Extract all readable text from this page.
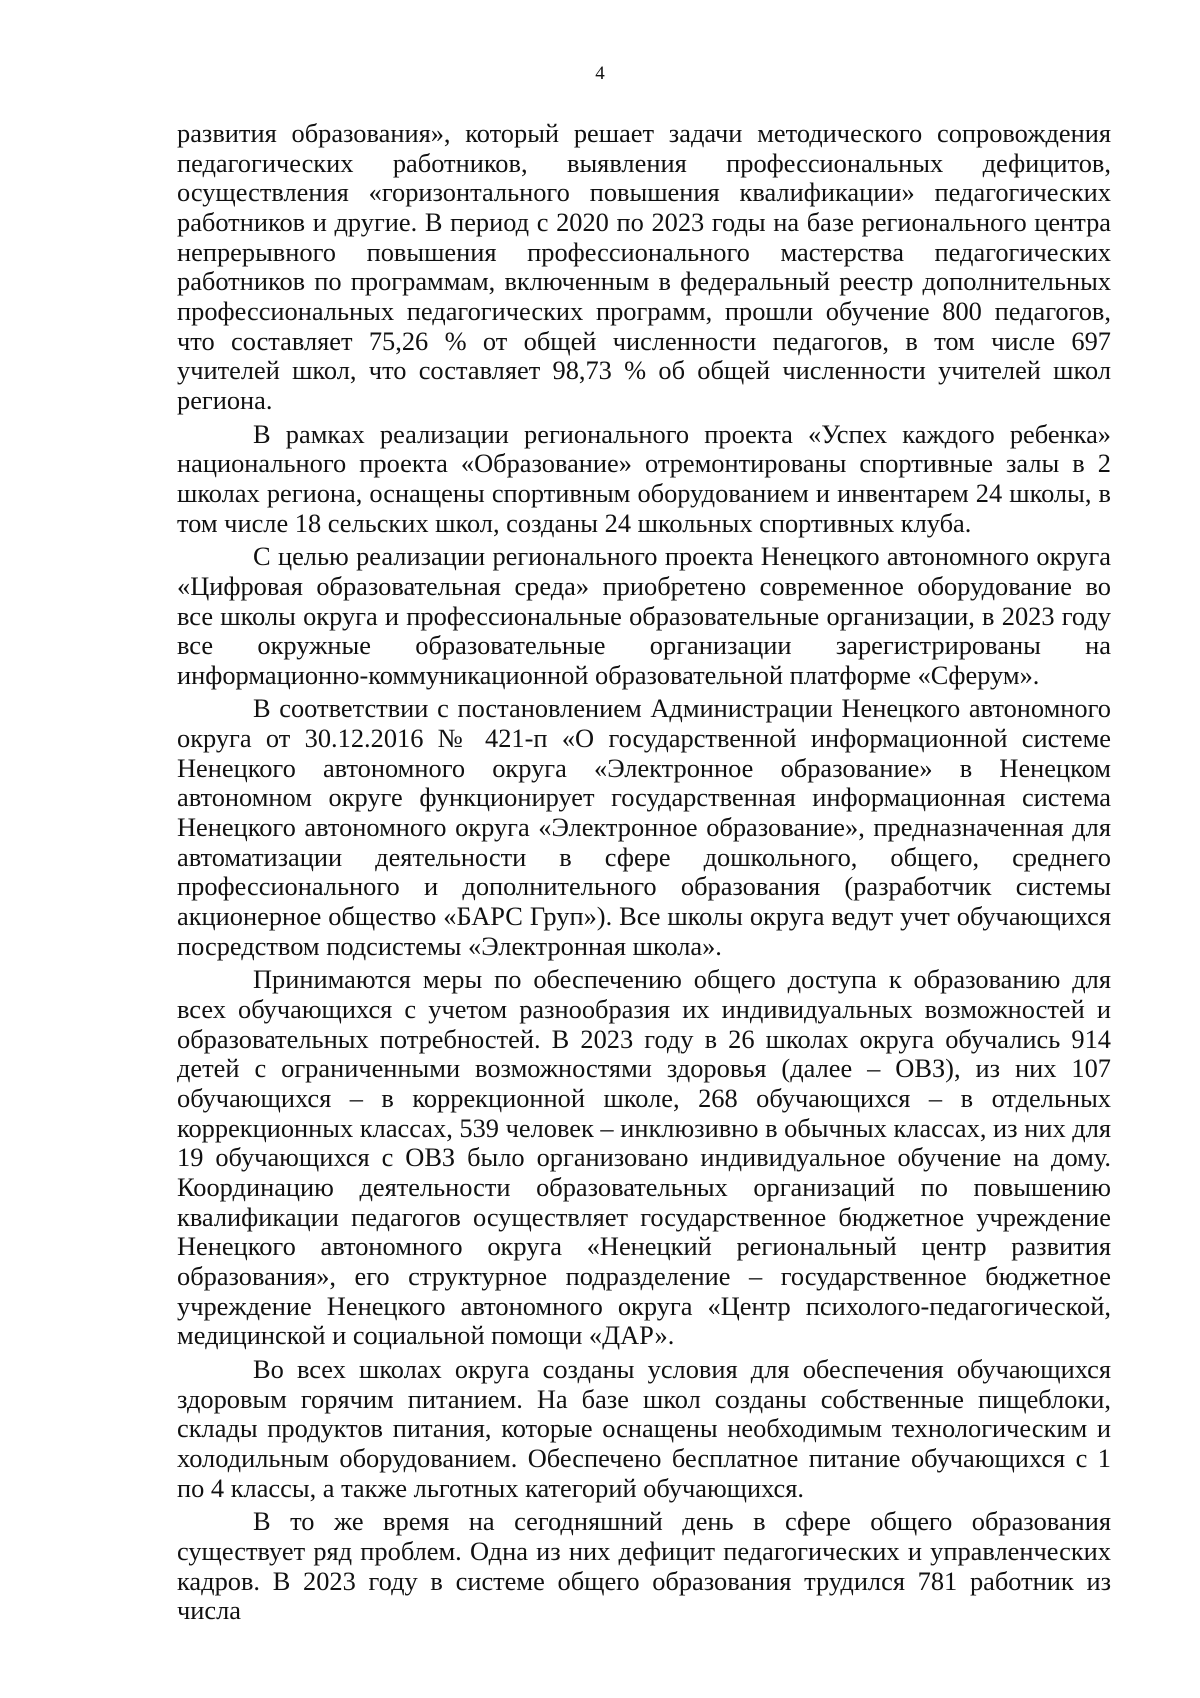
4

развития образования», который решает задачи методического сопровождения педагогических работников, выявления профессиональных дефицитов, осуществления «горизонтального повышения квалификации» педагогических работников и другие. В период с 2020 по 2023 годы на базе регионального центра непрерывного повышения профессионального мастерства педагогических работников по программам, включенным в федеральный реестр дополнительных профессиональных педагогических программ, прошли обучение 800 педагогов, что составляет 75,26 % от общей численности педагогов, в том числе 697 учителей школ, что составляет 98,73 % об общей численности учителей школ региона.

В рамках реализации регионального проекта «Успех каждого ребенка» национального проекта «Образование» отремонтированы спортивные залы в 2 школах региона, оснащены спортивным оборудованием и инвентарем 24 школы, в том числе 18 сельских школ, созданы 24 школьных спортивных клуба.

С целью реализации регионального проекта Ненецкого автономного округа «Цифровая образовательная среда» приобретено современное оборудование во все школы округа и профессиональные образовательные организации, в 2023 году все окружные образовательные организации зарегистрированы на информационно-коммуникационной образовательной платформе «Сферум».

В соответствии с постановлением Администрации Ненецкого автономного округа от 30.12.2016 № 421-п «О государственной информационной системе Ненецкого автономного округа «Электронное образование» в Ненецком автономном округе функционирует государственная информационная система Ненецкого автономного округа «Электронное образование», предназначенная для автоматизации деятельности в сфере дошкольного, общего, среднего профессионального и дополнительного образования (разработчик системы акционерное общество «БАРС Груп»). Все школы округа ведут учет обучающихся посредством подсистемы «Электронная школа».

Принимаются меры по обеспечению общего доступа к образованию для всех обучающихся с учетом разнообразия их индивидуальных возможностей и образовательных потребностей. В 2023 году в 26 школах округа обучались 914 детей с ограниченными возможностями здоровья (далее – ОВЗ), из них 107 обучающихся – в коррекционной школе, 268 обучающихся – в отдельных коррекционных классах, 539 человек – инклюзивно в обычных классах, из них для 19 обучающихся с ОВЗ было организовано индивидуальное обучение на дому. Координацию деятельности образовательных организаций по повышению квалификации педагогов осуществляет государственное бюджетное учреждение Ненецкого автономного округа «Ненецкий региональный центр развития образования», его структурное подразделение – государственное бюджетное учреждение Ненецкого автономного округа «Центр психолого-педагогической, медицинской и социальной помощи «ДАР».

Во всех школах округа созданы условия для обеспечения обучающихся здоровым горячим питанием. На базе школ созданы собственные пищеблоки, склады продуктов питания, которые оснащены необходимым технологическим и холодильным оборудованием. Обеспечено бесплатное питание обучающихся с 1 по 4 классы, а также льготных категорий обучающихся.

В то же время на сегодняшний день в сфере общего образования существует ряд проблем. Одна из них дефицит педагогических и управленческих кадров. В 2023 году в системе общего образования трудился 781 работник из числа
